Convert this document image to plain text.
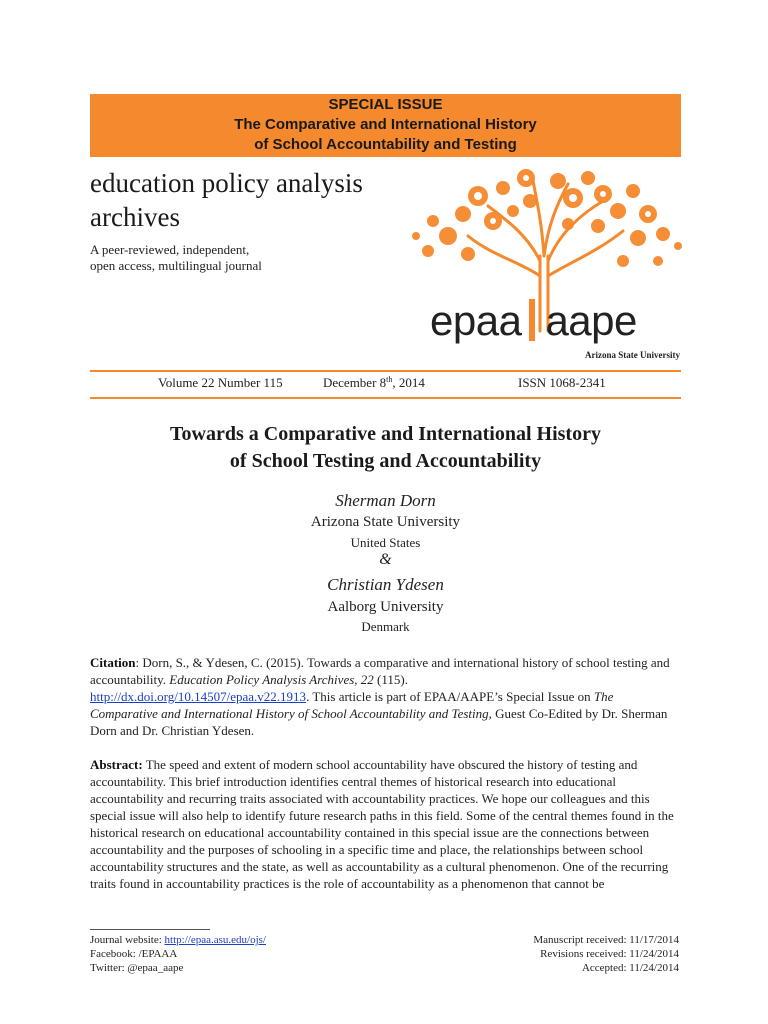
SPECIAL ISSUE
The Comparative and International History
of School Accountability and Testing
education policy analysis
archives
A peer-reviewed, independent,
open access, multilingual journal
epaa aape
Arizona State University
Volume 22 Number 115	December 8th, 2014	ISSN 1068-2341
Towards a Comparative and International History
of School Testing and Accountability
Sherman Dorn
Arizona State University
United States
&
Christian Ydesen
Aalborg University
Denmark
Citation: Dorn, S., & Ydesen, C. (2015). Towards a comparative and international history of school testing and accountability. Education Policy Analysis Archives, 22 (115).
http://dx.doi.org/10.14507/epaa.v22.1913. This article is part of EPAA/AAPE’s Special Issue on The Comparative and International History of School Accountability and Testing, Guest Co-Edited by Dr. Sherman Dorn and Dr. Christian Ydesen.
Abstract: The speed and extent of modern school accountability have obscured the history of testing and accountability. This brief introduction identifies central themes of historical research into educational accountability and recurring traits associated with accountability practices. We hope our colleagues and this special issue will also help to identify future research paths in this field. Some of the central themes found in the historical research on educational accountability contained in this special issue are the connections between accountability and the purposes of schooling in a specific time and place, the relationships between school accountability structures and the state, as well as accountability as a cultural phenomenon. One of the recurring traits found in accountability practices is the role of accountability as a phenomenon that cannot be
Journal website: http://epaa.asu.edu/ojs/
Facebook: /EPAAA
Twitter: @epaa_aape
Manuscript received: 11/17/2014
Revisions received: 11/24/2014
Accepted: 11/24/2014
